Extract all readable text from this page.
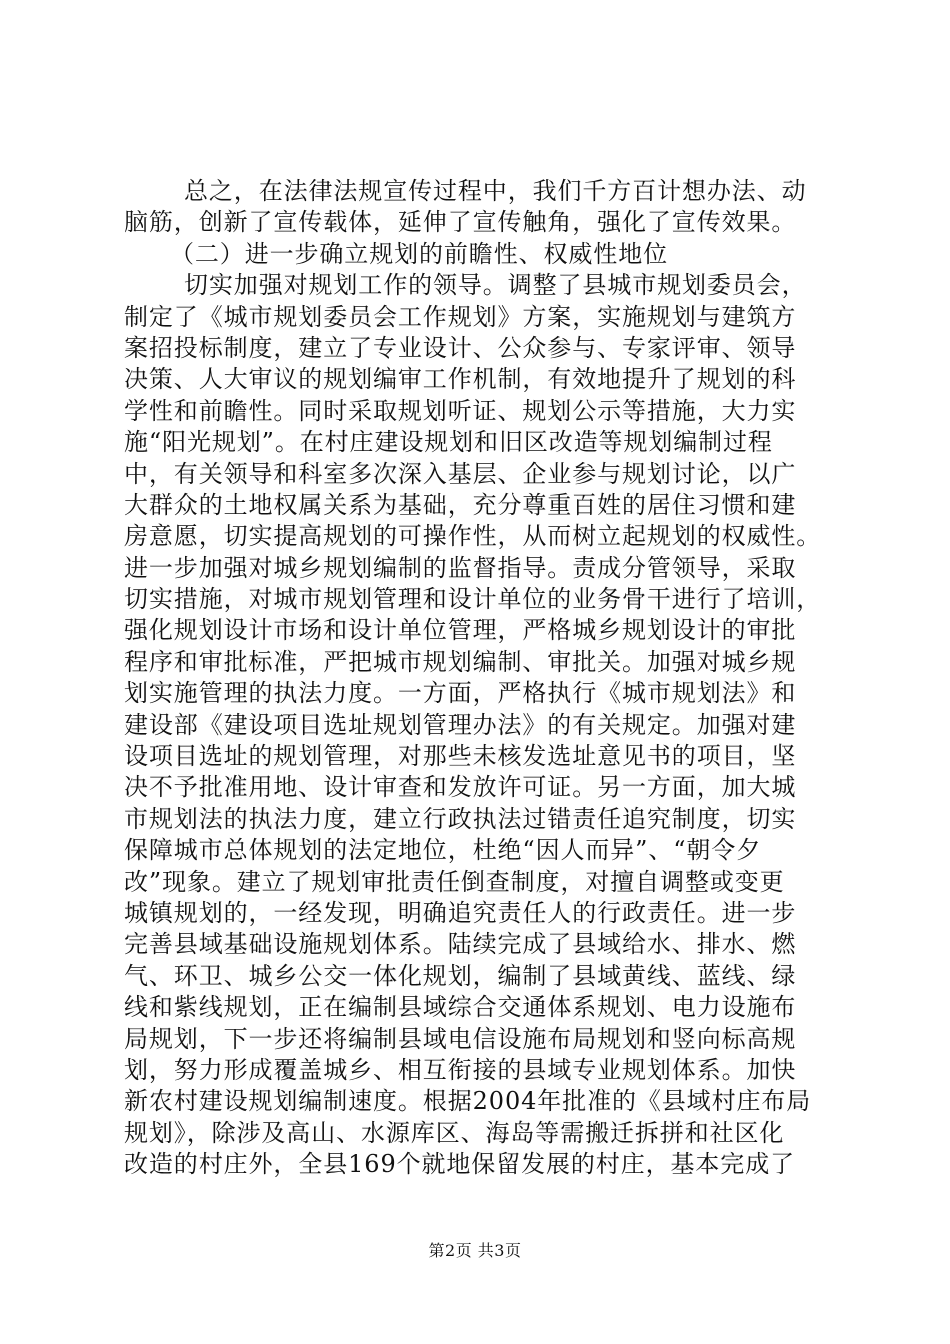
总之，在法律法规宣传过程中，我们千方百计想办法、动
脑筋，创新了宣传载体，延伸了宣传触角，强化了宣传效果。
（二）进一步确立规划的前瞻性、权威性地位
切实加强对规划工作的领导。调整了县城市规划委员会，
制定了《城市规划委员会工作规划》方案，实施规划与建筑方
案招投标制度，建立了专业设计、公众参与、专家评审、领导
决策、人大审议的规划编审工作机制，有效地提升了规划的科
学性和前瞻性。同时采取规划听证、规划公示等措施，大力实
施“阳光规划”。在村庄建设规划和旧区改造等规划编制过程
中，有关领导和科室多次深入基层、企业参与规划讨论，以广
大群众的土地权属关系为基础，充分尊重百姓的居住习惯和建
房意愿，切实提高规划的可操作性，从而树立起规划的权威性。
进一步加强对城乡规划编制的监督指导。责成分管领导，采取
切实措施，对城市规划管理和设计单位的业务骨干进行了培训，
强化规划设计市场和设计单位管理，严格城乡规划设计的审批
程序和审批标准，严把城市规划编制、审批关。加强对城乡规
划实施管理的执法力度。一方面，严格执行《城市规划法》和
建设部《建设项目选址规划管理办法》的有关规定。加强对建
设项目选址的规划管理，对那些未核发选址意见书的项目，坚
决不予批准用地、设计审查和发放许可证。另一方面，加大城
市规划法的执法力度，建立行政执法过错责任追究制度，切实
保障城市总体规划的法定地位，杜绝“因人而异”、“朝令夕
改”现象。建立了规划审批责任倒查制度，对擅自调整或变更
城镇规划的，一经发现，明确追究责任人的行政责任。进一步
完善县域基础设施规划体系。陆续完成了县域给水、排水、燃
气、环卫、城乡公交一体化规划，编制了县域黄线、蓝线、绿
线和紫线规划，正在编制县域综合交通体系规划、电力设施布
局规划，下一步还将编制县域电信设施布局规划和竖向标高规
划，努力形成覆盖城乡、相互衔接的县域专业规划体系。加快
新农村建设规划编制速度。根据2004年批准的《县域村庄布局
规划》，除涉及高山、水源库区、海岛等需搬迁拆拼和社区化
改造的村庄外，全县169个就地保留发展的村庄，基本完成了
第2页 共3页
